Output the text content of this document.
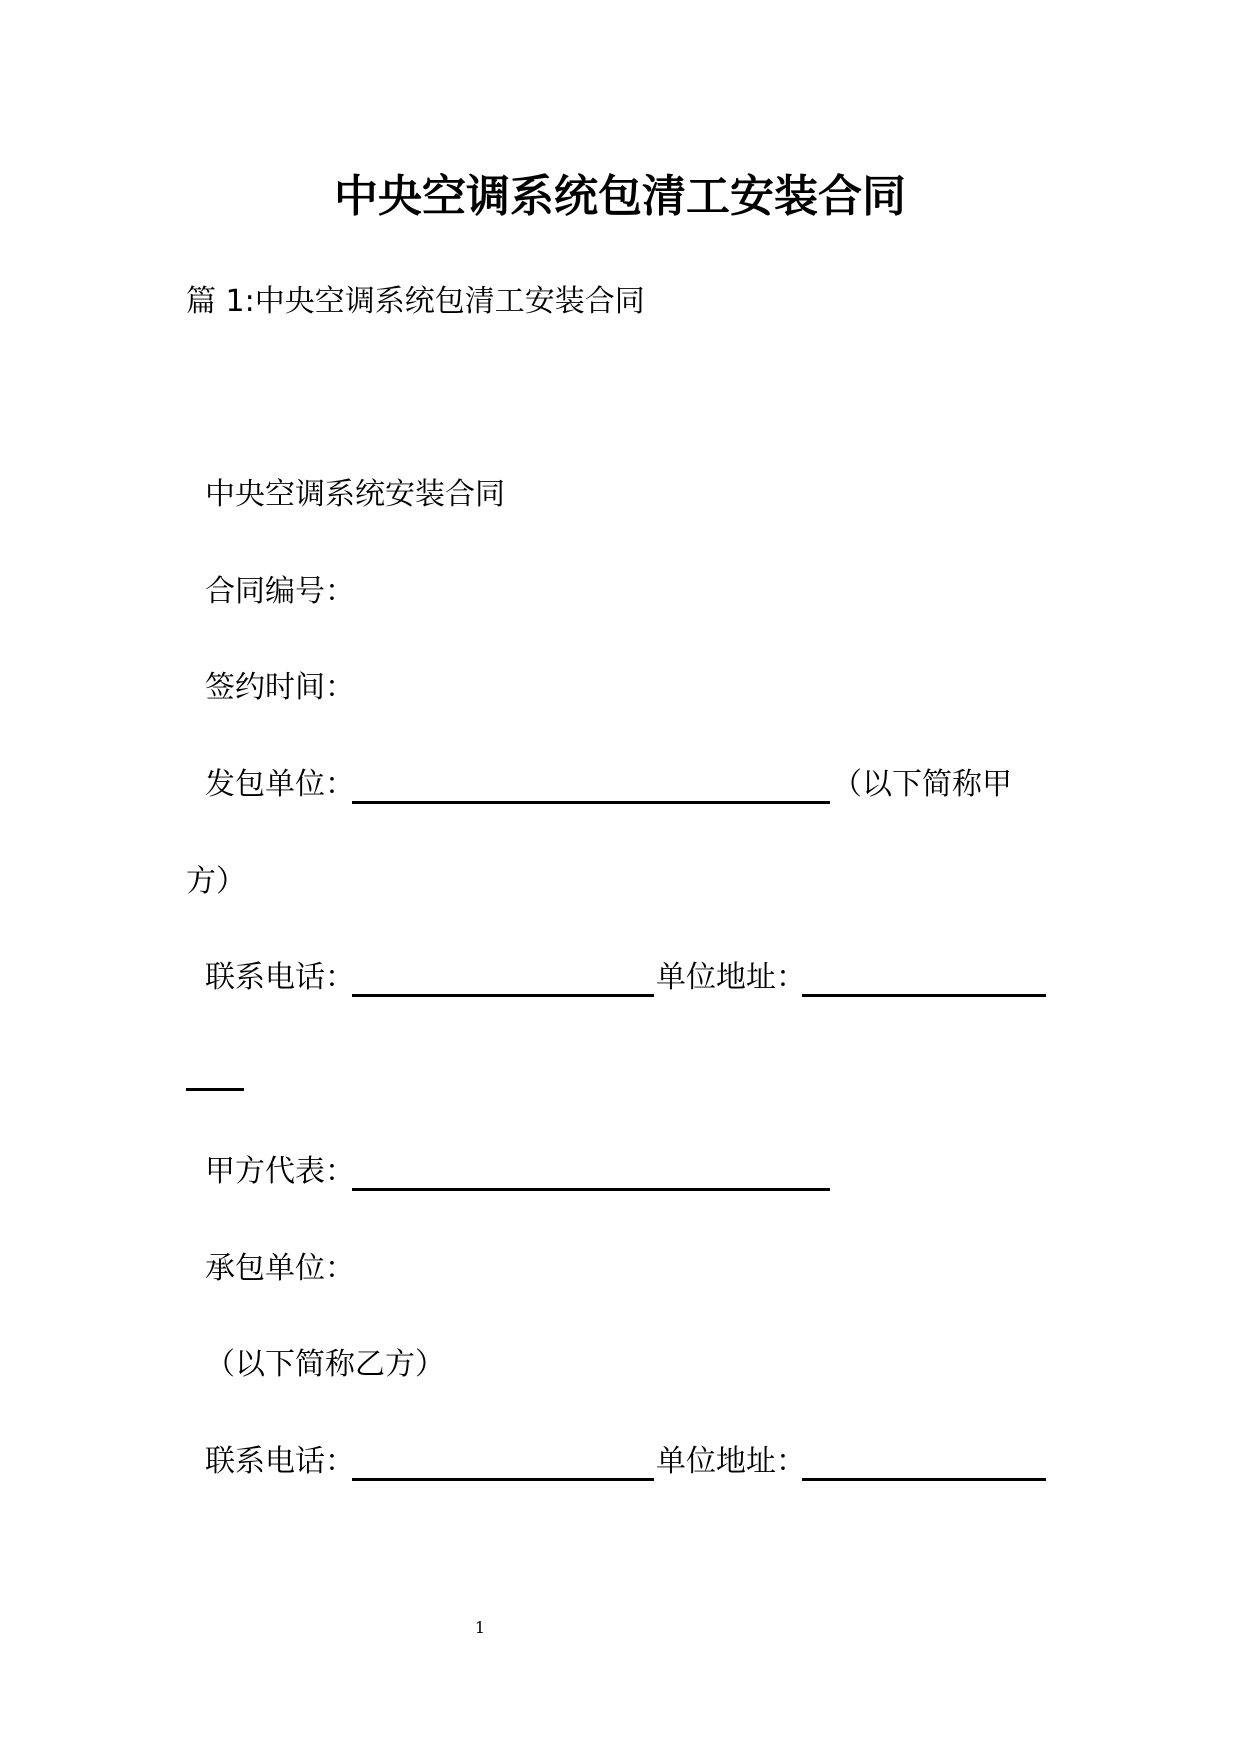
中央空调系统包清工安装合同
篇 1:中央空调系统包清工安装合同
中央空调系统安装合同
合同编号：
签约时间：
发包单位：	（以下简称甲
方）
联系电话：	单位地址：
甲方代表：
承包单位：
（以下简称乙方）
联系电话：	单位地址：
1
